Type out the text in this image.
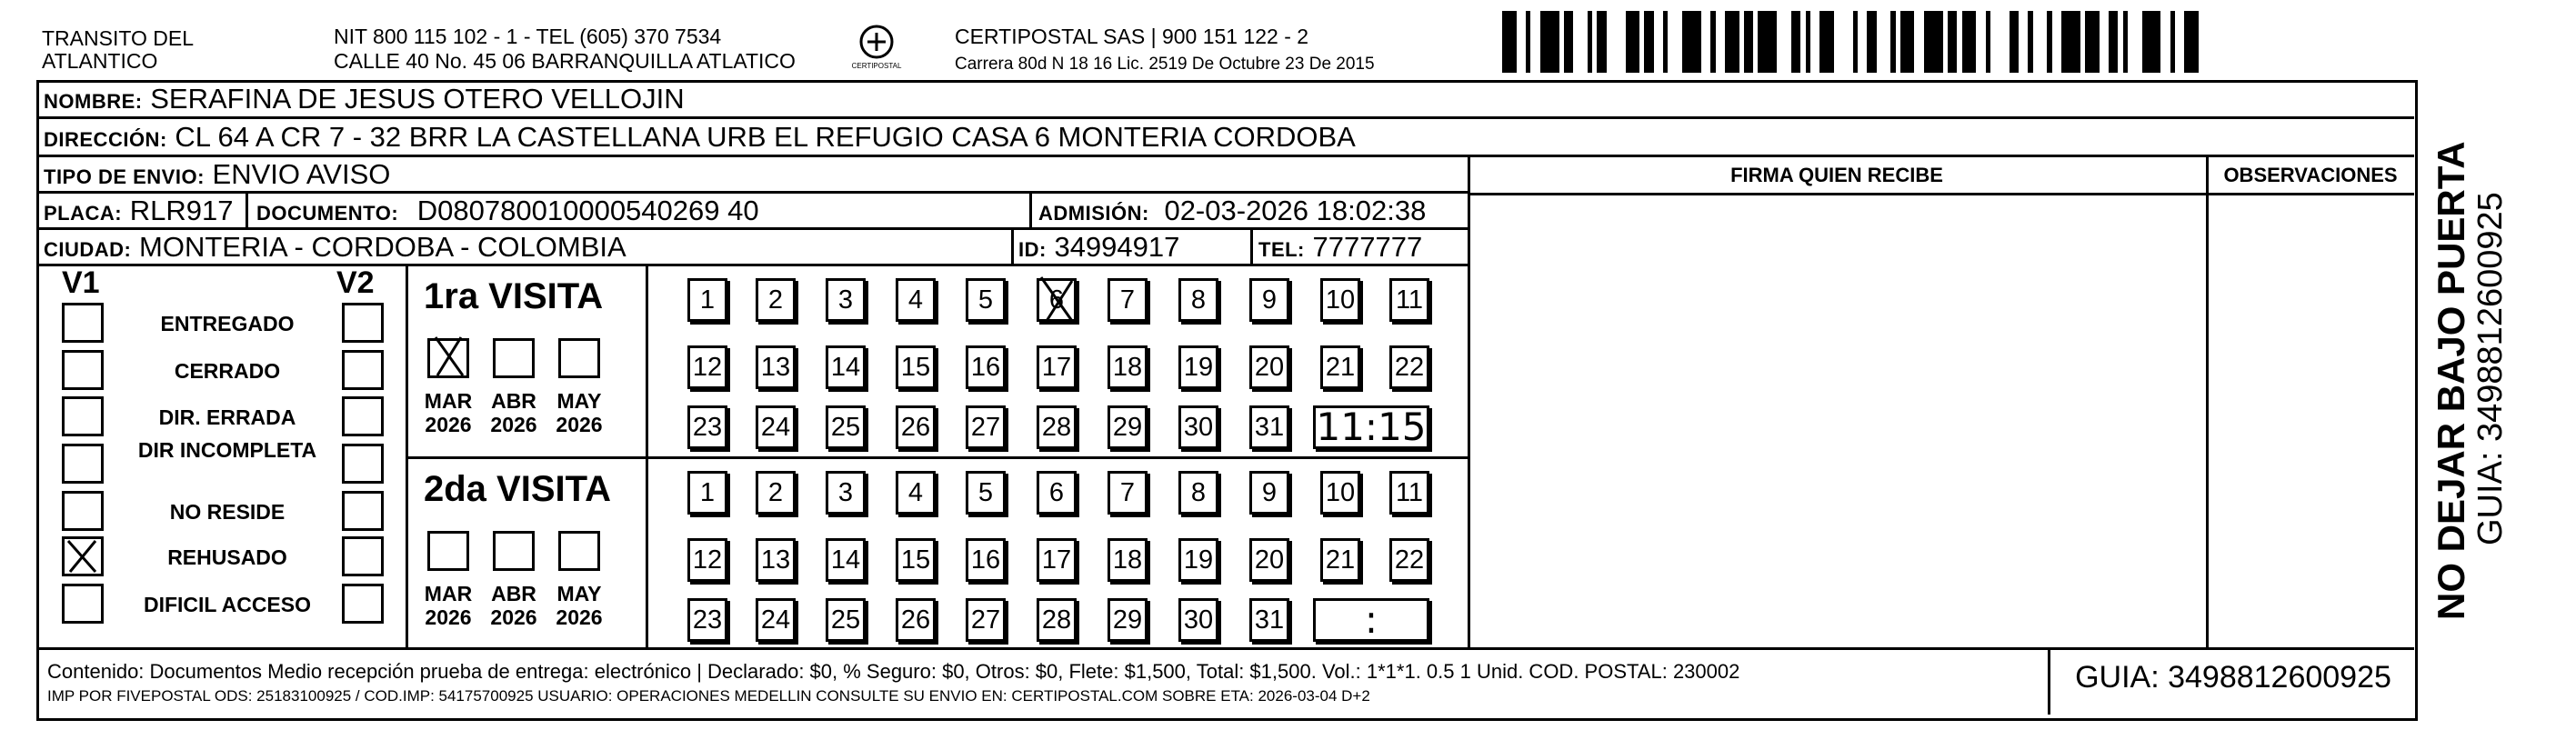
TRANSITO DEL
ATLANTICO
NIT 800 115 102 - 1 - TEL (605) 370 7534
CALLE 40 No. 45 06 BARRANQUILLA ATLATICO	CERTIPOSTAL
CERTIPOSTAL SAS | 900 151 122 - 2
Carrera 80d N 18 16 Lic. 2519 De Octubre 23 De 2015
NOMBRE: SERAFINA DE JESUS OTERO VELLOJIN
DIRECCIÓN: CL 64 A CR 7 - 32 BRR LA CASTELLANA URB EL REFUGIO CASA 6 MONTERIA CORDOBA
TIPO DE ENVIO: ENVIO AVISO
PLACA: RLR917 DOCUMENTO: D080780010000540269 40	ADMISIÓN: 02-03-2026 18:02:38
CIUDAD: MONTERIA - CORDOBA - COLOMBIA	ID: 34994917	TEL: 7777777
FIRMA QUIEN RECIBE	OBSERVACIONES
V1	V2
ENTREGADO
CERRADO
DIR. ERRADA
DIR INCOMPLETA
NO RESIDE
REHUSADO
DIFICIL ACCESO
1ra VISITA
MAR
2026
ABR
2026
MAY
2026
1	2	3	4	5	6	7	8	9	10 11
12 13 14 15 16 17 18 19 20 21 22
23 24 25 26 27 28 29 30 31 11:15
2da VISITA
MAR
2026
ABR
2026
MAY
2026
1	2	3	4	5	6	7	8	9	10 11
12 13 14 15 16 17 18 19 20 21 22
23 24 25 26 27 28 29 30 31	:
Contenido: Documentos Medio recepción prueba de entrega: electrónico | Declarado: $0, % Seguro: $0, Otros: $0, Flete: $1,500, Total: $1,500. Vol.: 1*1*1. 0.5 1 Unid. COD. POSTAL: 230002
IMP POR FIVEPOSTAL ODS: 25183100925 / COD.IMP: 54175700925 USUARIO: OPERACIONES MEDELLIN CONSULTE SU ENVIO EN: CERTIPOSTAL.COM SOBRE ETA: 2026-03-04 D+2
GUIA: 3498812600925
NO DEJAR BAJO PUERTA GUIA: 3498812600925
